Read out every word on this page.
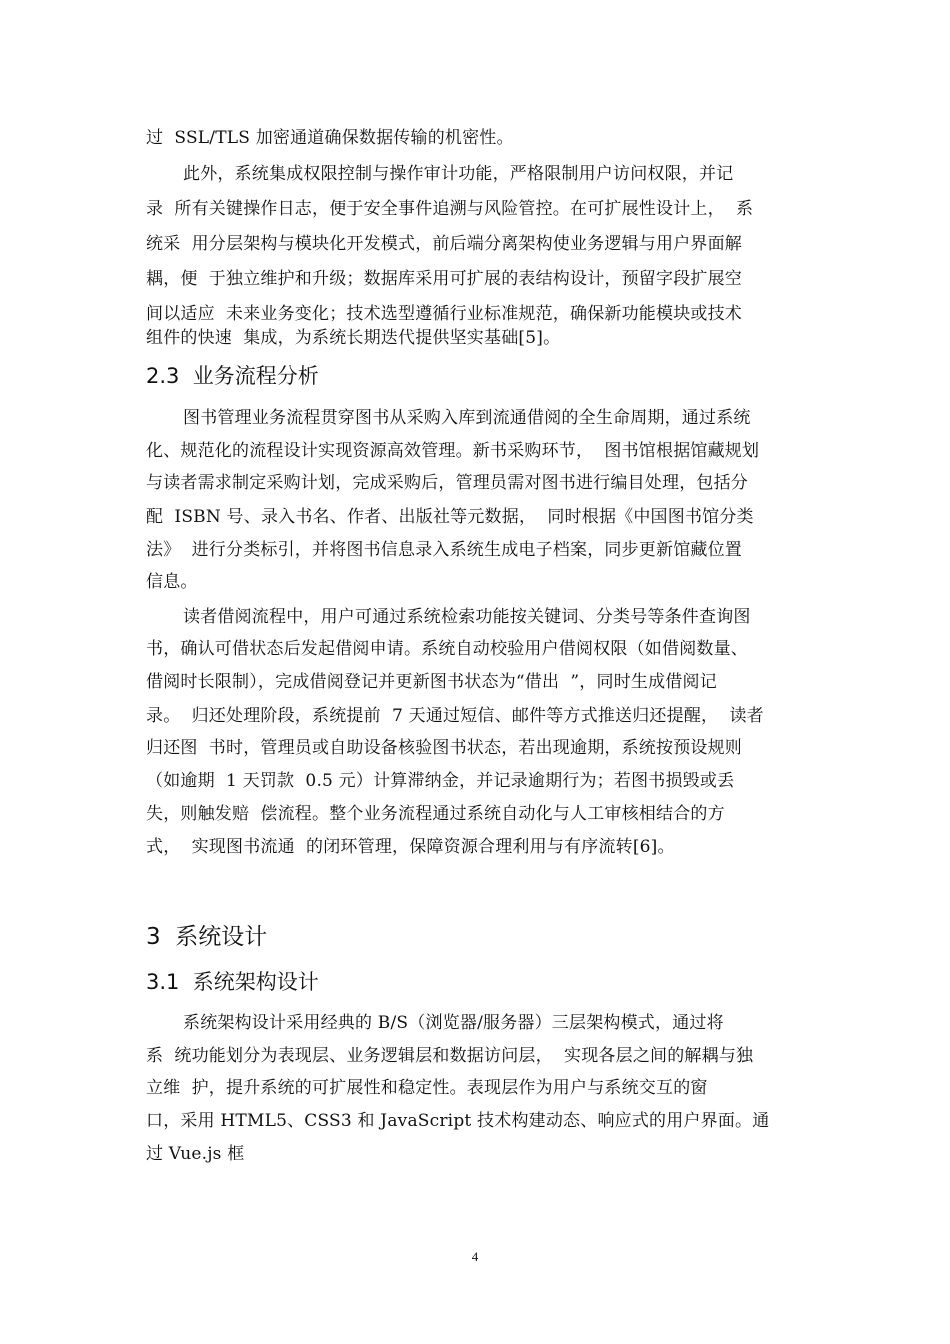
过  SSL/TLS 加密通道确保数据传输的机密性。
此外，系统集成权限控制与操作审计功能，严格限制用户访问权限，并记
录  所有关键操作日志，便于安全事件追溯与风险管控。在可扩展性设计上，  系
统采  用分层架构与模块化开发模式，前后端分离架构使业务逻辑与用户界面解
耦，便  于独立维护和升级；数据库采用可扩展的表结构设计，预留字段扩展空
间以适应  未来业务变化；技术选型遵循行业标准规范，确保新功能模块或技术
组件的快速  集成，为系统长期迭代提供坚实基础[5]。
2.3  业务流程分析
图书管理业务流程贯穿图书从采购入库到流通借阅的全生命周期，通过系统
化、规范化的流程设计实现资源高效管理。新书采购环节，  图书馆根据馆藏规划
与读者需求制定采购计划，完成采购后，管理员需对图书进行编目处理，包括分
配  ISBN 号、录入书名、作者、出版社等元数据，  同时根据《中国图书馆分类
法》  进行分类标引，并将图书信息录入系统生成电子档案，同步更新馆藏位置
信息。
读者借阅流程中，用户可通过系统检索功能按关键词、分类号等条件查询图
书，确认可借状态后发起借阅申请。系统自动校验用户借阅权限（如借阅数量、
借阅时长限制），完成借阅登记并更新图书状态为“借出  ”，同时生成借阅记
录。  归还处理阶段，系统提前  7 天通过短信、邮件等方式推送归还提醒，  读者
归还图  书时，管理员或自助设备核验图书状态，若出现逾期，系统按预设规则
（如逾期  1 天罚款  0.5 元）计算滞纳金，并记录逾期行为；若图书损毁或丢
失，则触发赔  偿流程。整个业务流程通过系统自动化与人工审核相结合的方
式，  实现图书流通  的闭环管理，保障资源合理利用与有序流转[6]。
3  系统设计
3.1  系统架构设计
系统架构设计采用经典的 B/S（浏览器/服务器）三层架构模式，通过将
系  统功能划分为表现层、业务逻辑层和数据访问层，  实现各层之间的解耦与独
立维  护，提升系统的可扩展性和稳定性。表现层作为用户与系统交互的窗
口，采用 HTML5、CSS3 和 JavaScript 技术构建动态、响应式的用户界面。通
过 Vue.js 框
4
